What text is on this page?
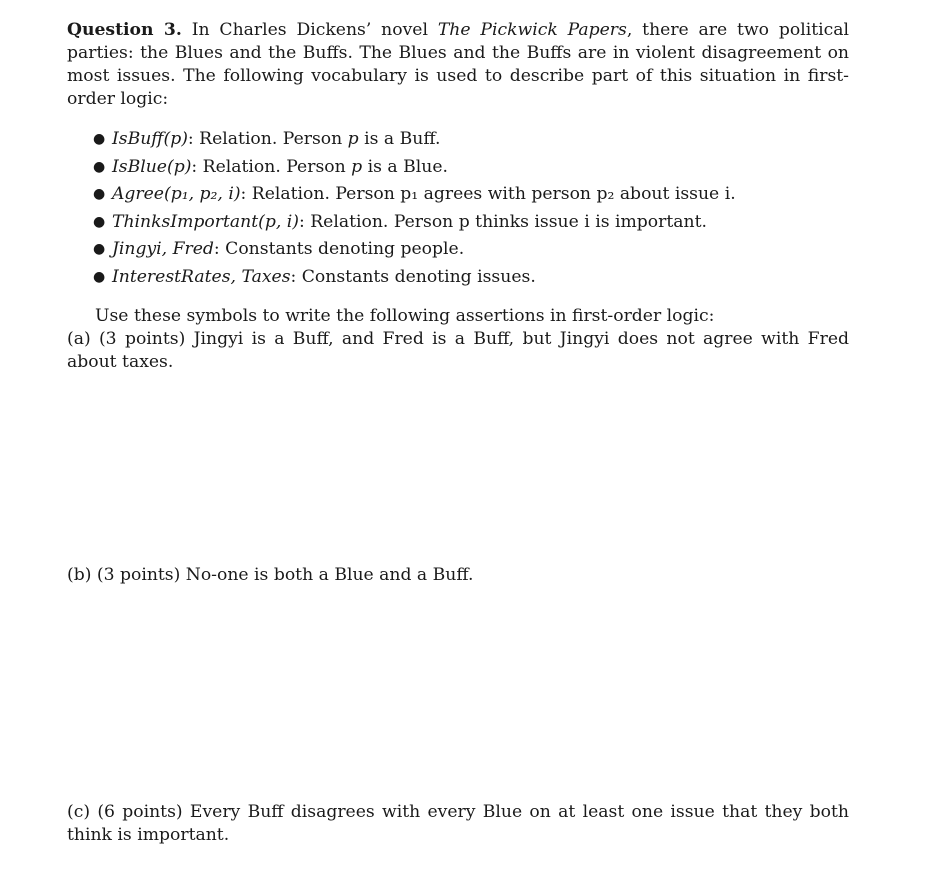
Question 3. In Charles Dickens’ novel The Pickwick Papers, there are two political parties: the Blues and the Buffs. The Blues and the Buffs are in violent disagreement on most issues. The following vocabulary is used to describe part of this situation in first-order logic:

● IsBuff(p): Relation. Person p is a Buff.
● IsBlue(p): Relation. Person p is a Blue.
● Agree(p₁, p₂, i): Relation. Person p₁ agrees with person p₂ about issue i.
● ThinksImportant(p, i): Relation. Person p thinks issue i is important.
● Jingyi, Fred: Constants denoting people.
● InterestRates, Taxes: Constants denoting issues.

Use these symbols to write the following assertions in first-order logic:

(a) (3 points) Jingyi is a Buff, and Fred is a Buff, but Jingyi does not agree with Fred about taxes.

(b) (3 points) No-one is both a Blue and a Buff.

(c) (6 points) Every Buff disagrees with every Blue on at least one issue that they both think is important.
